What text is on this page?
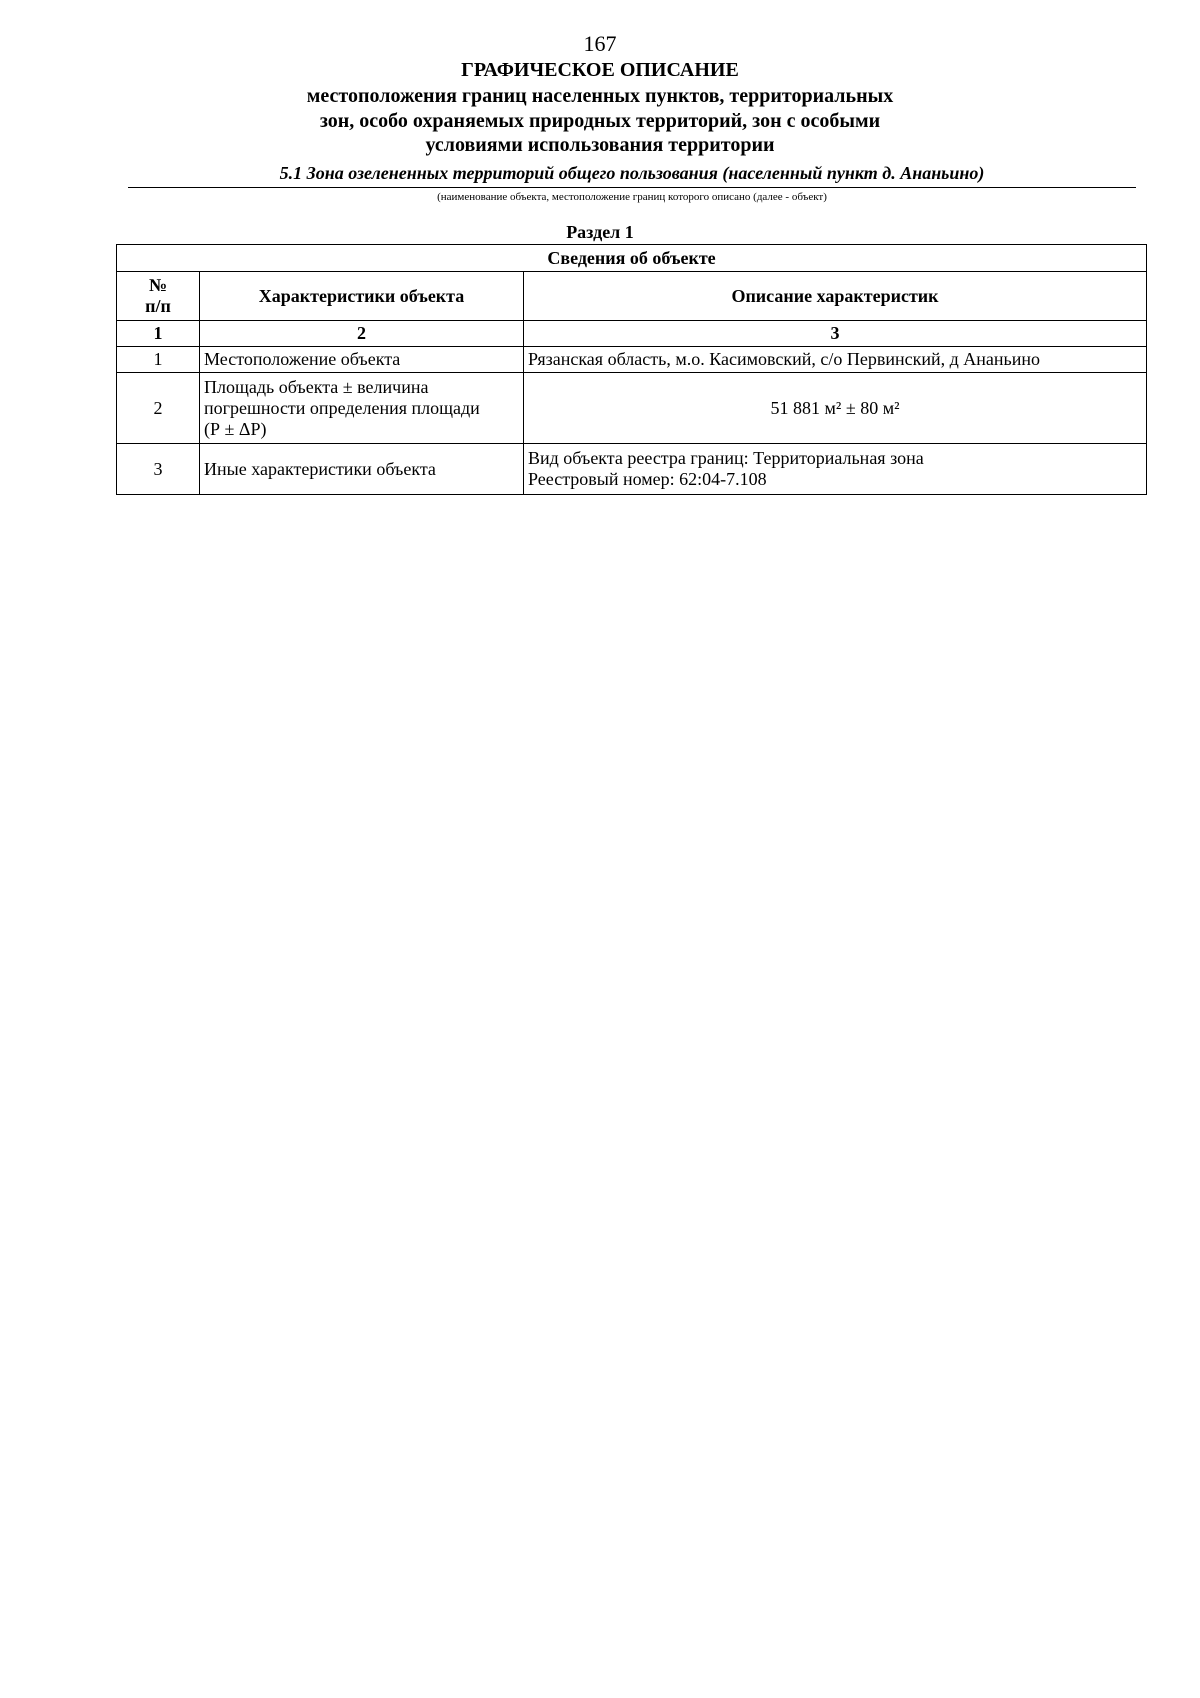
167
ГРАФИЧЕСКОЕ ОПИСАНИЕ
местоположения границ населенных пунктов, территориальных
зон, особо охраняемых природных территорий, зон с особыми
условиями использования территории
5.1 Зона озелененных территорий общего пользования (населенный пункт д. Ананьино)
(наименование объекта, местоположение границ которого описано (далее - объект)
Раздел 1
Сведения об объекте		

№
п/п	Характеристики объекта	Описание характеристик
1	2	3
1	Местоположение объекта	Рязанская область, м.о. Касимовский, с/о Первинский, д Ананьино

2	Площадь объекта ± величина
погрешности определения площади
(Р ± ΔР)	51 881 м² ± 80 м²

3	Иные характеристики объекта	Вид объекта реестра границ: Территориальная зона
Реестровый номер: 62:04-7.108
